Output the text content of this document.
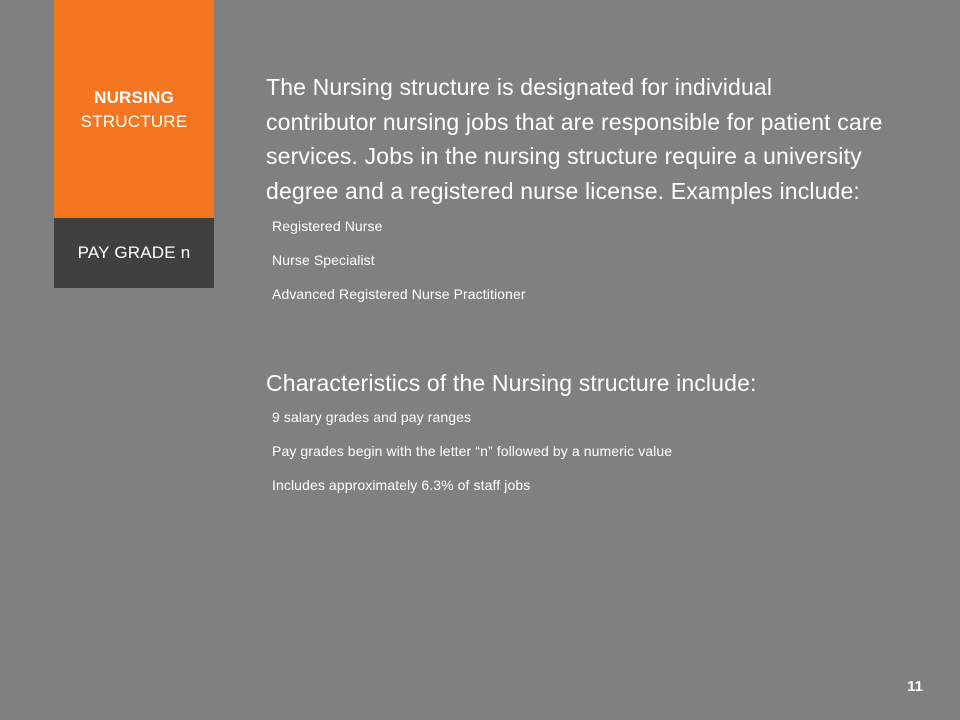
NURSING
STRUCTURE
PAY GRADE n

The Nursing structure is designated for individual contributor nursing jobs that are responsible for patient care services. Jobs in the nursing structure require a university degree and a registered nurse license. Examples include:

Registered Nurse
Nurse Specialist
Advanced Registered Nurse Practitioner
Characteristics of the Nursing structure include:
9 salary grades and pay ranges
Pay grades begin with the letter “n” followed by a numeric value
Includes approximately 6.3% of staff jobs
11
